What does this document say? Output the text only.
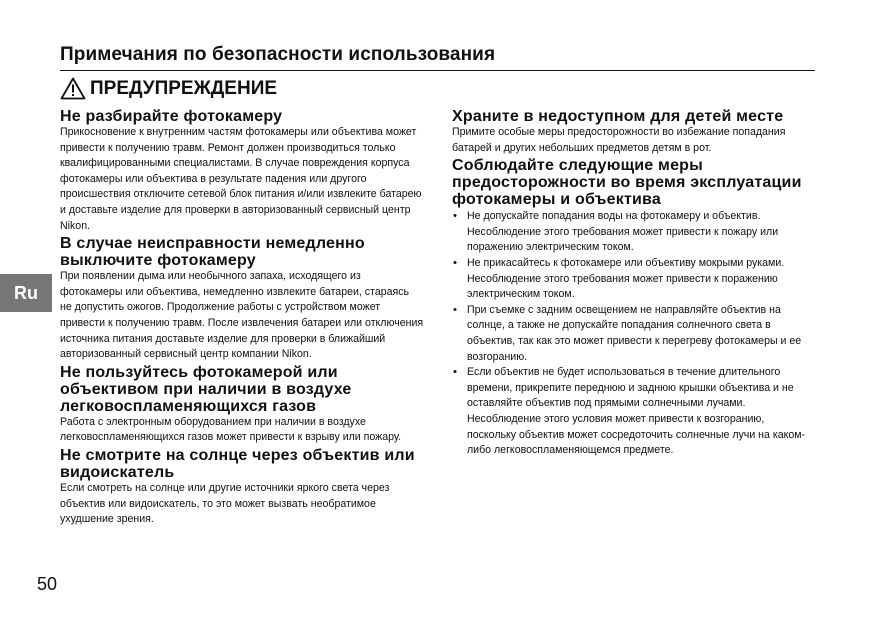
Примечания по безопасности использования
ПРЕДУПРЕЖДЕНИЕ
Ru
Не разбирайте фотокамеру

Прикосновение к внутренним частям фотокамеры или объектива может привести к получению травм. Ремонт должен производиться только квалифицированными специалистами. В случае повреждения корпуса фотокамеры или объектива в результате падения или другого происшествия отключите сетевой блок питания и/или извлеките батарею и доставьте изделие для проверки в авторизованный сервисный центр Nikon.

В случае неисправности немедленно выключите фотокамеру

При появлении дыма или необычного запаха, исходящего из фотокамеры или объектива, немедленно извлеките батареи, стараясь не допустить ожогов. Продолжение работы с устройством может привести к получению травм. После извлечения батареи или отключения источника питания доставьте изделие для проверки в ближайший авторизованный сервисный центр компании Nikon.

Не пользуйтесь фотокамерой или объективом при наличии в воздухе легковоспламеняющихся газов

Работа с электронным оборудованием при наличии в воздухе легковоспламеняющихся газов может привести к взрыву или пожару.

Не смотрите на солнце через объектив или видоискатель

Если смотреть на солнце или другие источники яркого света через объектив или видоискатель, то это может вызвать необратимое ухудшение зрения.

Храните в недоступном для детей месте

Примите особые меры предосторожности во избежание попадания батарей и других небольших предметов детям в рот.

Соблюдайте следующие меры предосторожности во время эксплуатации фотокамеры и объектива
• Не допускайте попадания воды на фотокамеру и объектив. Несоблюдение этого требования может привести к пожару или поражению электрическим током.

• Не прикасайтесь к фотокамере или объективу мокрыми руками. Несоблюдение этого требования может привести к поражению электрическим током.

• При съемке с задним освещением не направляйте объектив на солнце, а также не допускайте попадания солнечного света в объектив, так как это может привести к перегреву фотокамеры и ее возгоранию.

• Если объектив не будет использоваться в течение длительного времени, прикрепите переднюю и заднюю крышки объектива и не оставляйте объектив под прямыми солнечными лучами. Несоблюдение этого условия может привести к возгоранию, поскольку объектив может сосредоточить солнечные лучи на каком-либо легковоспламеняющемся предмете.

50
